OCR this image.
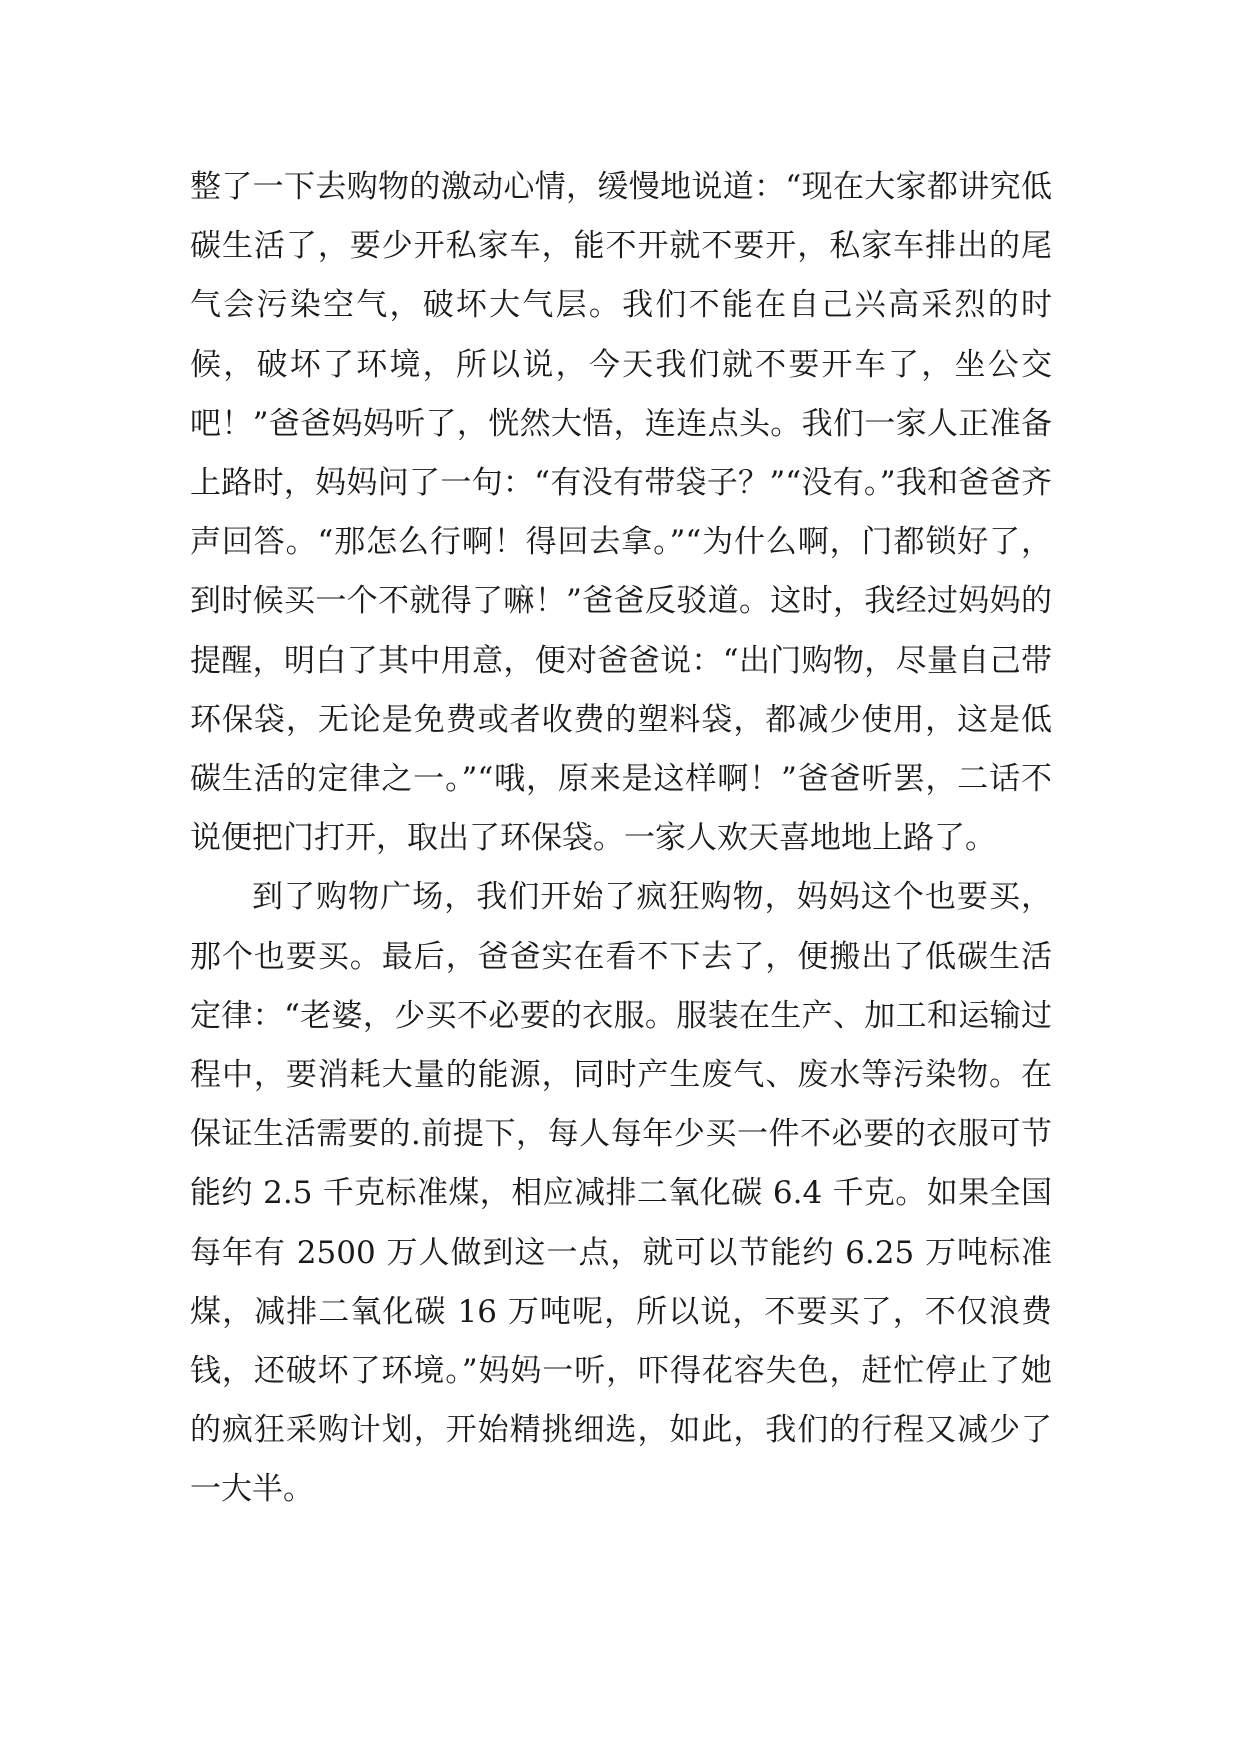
整了一下去购物的激动心情，缓慢地说道：“现在大家都讲究低碳生活了，要少开私家车，能不开就不要开，私家车排出的尾气会污染空气，破坏大气层。我们不能在自己兴高采烈的时候，破坏了环境，所以说，今天我们就不要开车了，坐公交吧！”爸爸妈妈听了，恍然大悟，连连点头。我们一家人正准备上路时，妈妈问了一句：“有没有带袋子？”“没有。”我和爸爸齐声回答。“那怎么行啊！得回去拿。”“为什么啊，门都锁好了，到时候买一个不就得了嘛！”爸爸反驳道。这时，我经过妈妈的提醒，明白了其中用意，便对爸爸说：“出门购物，尽量自己带环保袋，无论是免费或者收费的塑料袋，都减少使用，这是低碳生活的定律之一。”“哦，原来是这样啊！”爸爸听罢，二话不说便把门打开，取出了环保袋。一家人欢天喜地地上路了。

到了购物广场，我们开始了疯狂购物，妈妈这个也要买，那个也要买。最后，爸爸实在看不下去了，便搬出了低碳生活定律：“老婆，少买不必要的衣服。服装在生产、加工和运输过程中，要消耗大量的能源，同时产生废气、废水等污染物。在保证生活需要的.前提下，每人每年少买一件不必要的衣服可节能约 2.5 千克标准煤，相应减排二氧化碳 6.4 千克。如果全国每年有 2500 万人做到这一点，就可以节能约 6.25 万吨标准煤，减排二氧化碳 16 万吨呢，所以说，不要买了，不仅浪费钱，还破坏了环境。”妈妈一听，吓得花容失色，赶忙停止了她的疯狂采购计划，开始精挑细选，如此，我们的行程又减少了一大半。
